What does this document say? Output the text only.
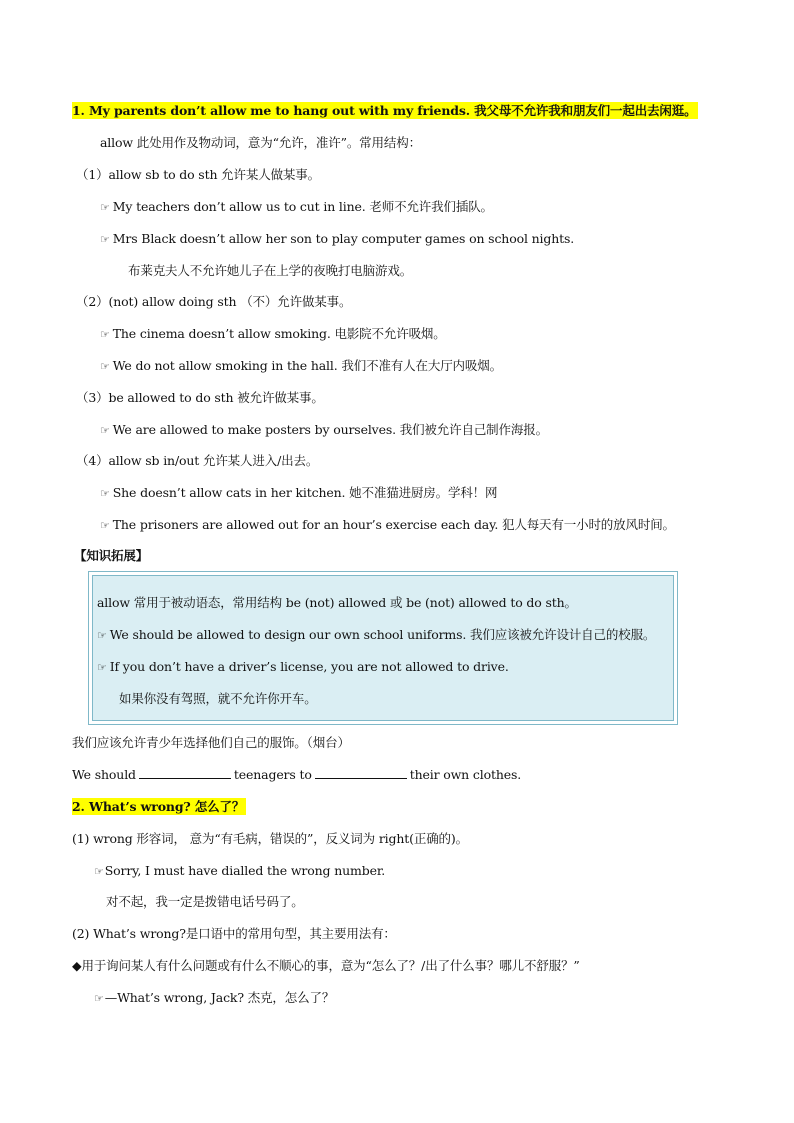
1. My parents don’t allow me to hang out with my friends. 我父母不允许我和朋友们一起出去闲逛。
allow 此处用作及物动词，意为“允许，准许”。常用结构：
（1）allow sb to do sth 允许某人做某事。
☞ My teachers don’t allow us to cut in line. 老师不允许我们插队。
☞ Mrs Black doesn’t allow her son to play computer games on school nights.
布莱克夫人不允许她儿子在上学的夜晚打电脑游戏。
（2）(not) allow doing sth （不）允许做某事。
☞ The cinema doesn’t allow smoking. 电影院不允许吸烟。
☞ We do not allow smoking in the hall. 我们不准有人在大厅内吸烟。
（3）be allowed to do sth 被允许做某事。
☞ We are allowed to make posters by ourselves. 我们被允许自己制作海报。
（4）allow sb in/out 允许某人进入/出去。
☞ She doesn’t allow cats in her kitchen. 她不准猫进厨房。学科！网
☞ The prisoners are allowed out for an hour’s exercise each day. 犯人每天有一小时的放风时间。
【知识拓展】
allow 常用于被动语态，常用结构 be (not) allowed 或 be (not) allowed to do sth。
☞ We should be allowed to design our own school uniforms. 我们应该被允许设计自己的校服。
☞ If you don’t have a driver’s license, you are not allowed to drive.
如果你没有驾照，就不允许你开车。
我们应该允许青少年选择他们自己的服饰。（烟台）
We should	teenagers to	their own clothes.
2. What’s wrong? 怎么了？
(1) wrong 形容词， 意为“有毛病，错误的”，反义词为 right(正确的)。
☞Sorry, I must have dialled the wrong number.
对不起，我一定是拨错电话号码了。
(2) What’s wrong?是口语中的常用句型，其主要用法有：
◆用于询问某人有什么问题或有什么不顺心的事，意为“怎么了？/出了什么事？哪儿不舒服？”
☞—What’s wrong, Jack? 杰克，怎么了？
